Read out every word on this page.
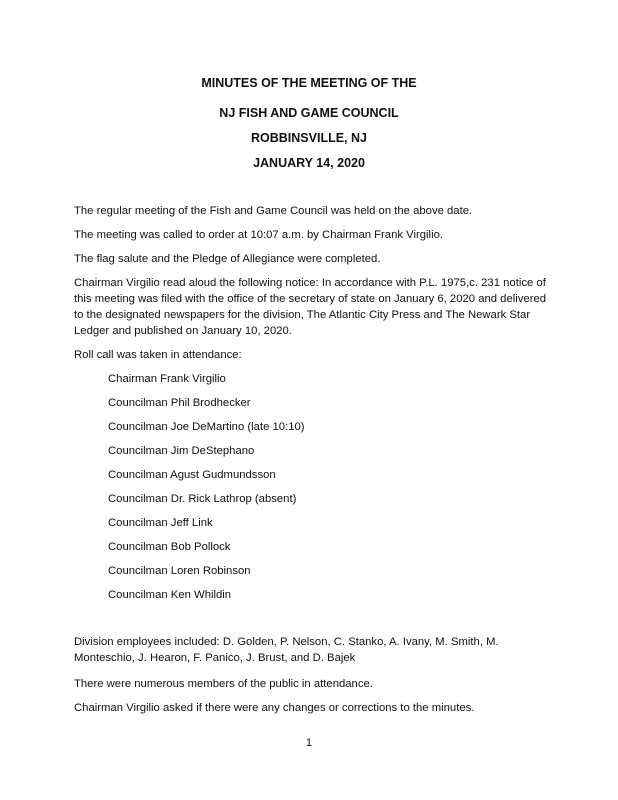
MINUTES OF THE MEETING OF THE
NJ FISH AND GAME COUNCIL
ROBBINSVILLE, NJ
JANUARY 14, 2020
The regular meeting of the Fish and Game Council was held on the above date.
The meeting was called to order at 10:07 a.m. by Chairman Frank Virgilio.
The flag salute and the Pledge of Allegiance were completed.
Chairman Virgilio read aloud the following notice: In accordance with P.L. 1975,c. 231 notice of
this meeting was filed with the office of the secretary of state on January 6, 2020 and delivered
to the designated newspapers for the division, The Atlantic City Press and The Newark Star
Ledger and published on January 10, 2020.
Roll call was taken in attendance:
Chairman Frank Virgilio
Councilman Phil Brodhecker
Councilman Joe DeMartino (late 10:10)
Councilman Jim DeStephano
Councilman Agust Gudmundsson
Councilman Dr. Rick Lathrop (absent)
Councilman Jeff Link
Councilman Bob Pollock
Councilman Loren Robinson
Councilman Ken Whildin
Division employees included: D. Golden, P. Nelson, C. Stanko, A. Ivany, M. Smith, M.
Monteschio, J. Hearon, F. Panico, J. Brust, and D. Bajek
There were numerous members of the public in attendance.
Chairman Virgilio asked if there were any changes or corrections to the minutes.
1
